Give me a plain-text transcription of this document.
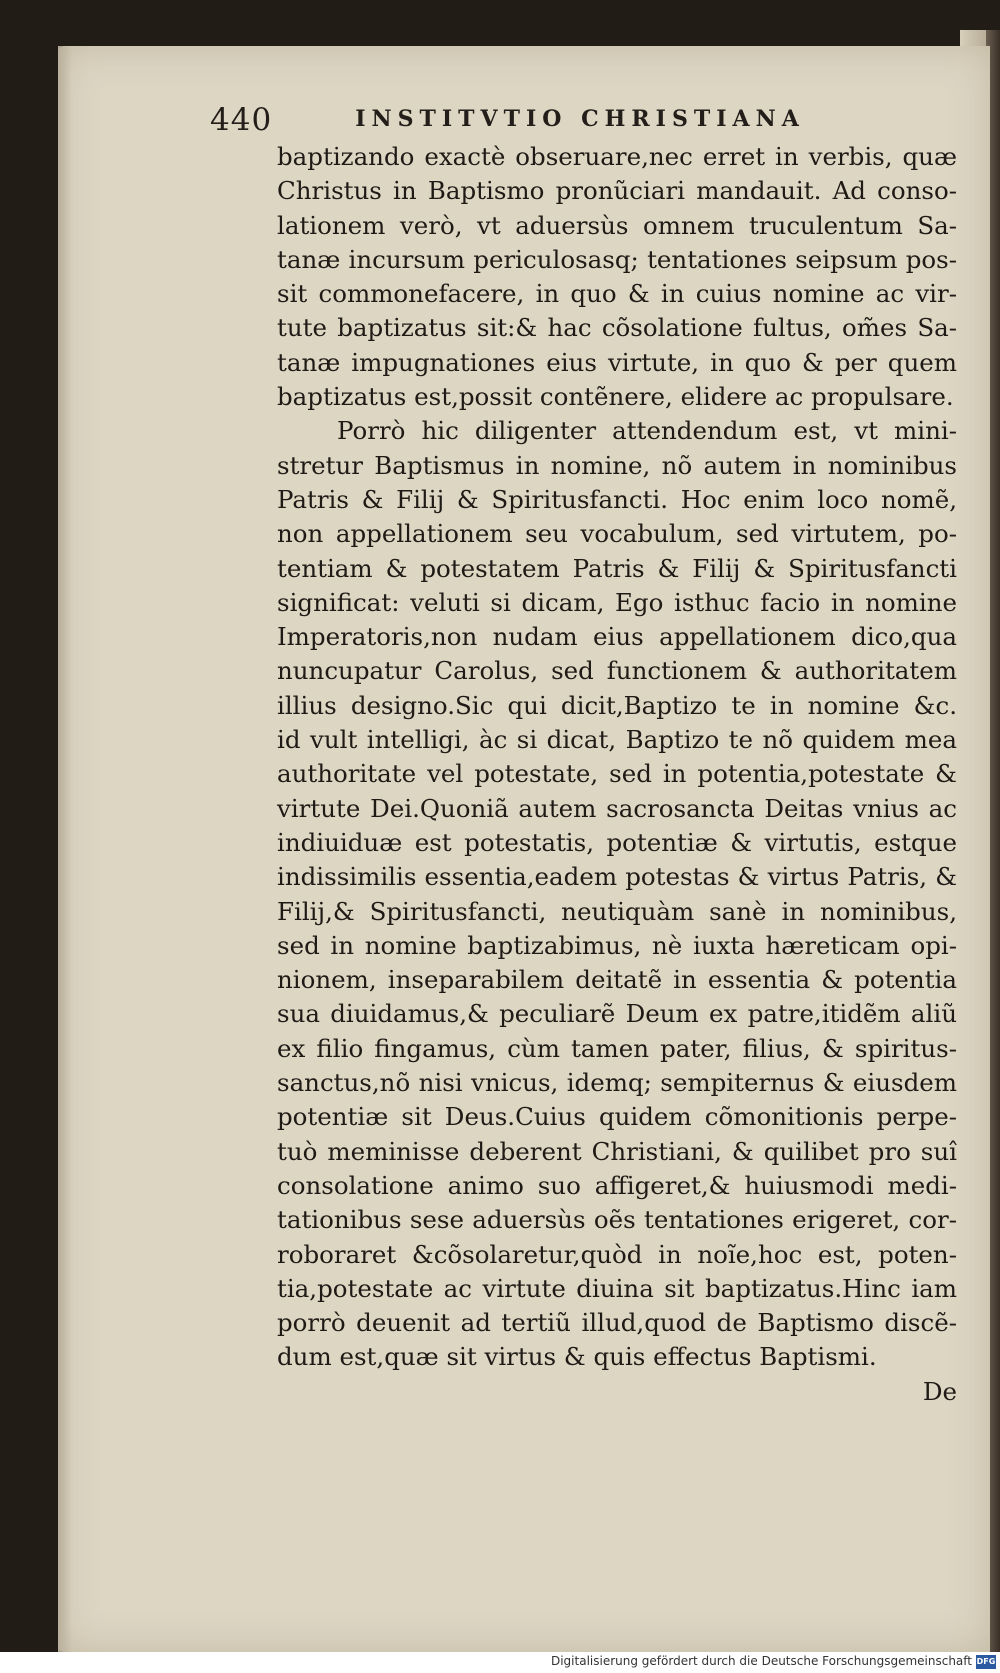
440	INSTITVTIO CHRISTIANA
baptizando exactè obseruare,nec erret in verbis, quæ
Christus in Baptismo pronũciari mandauit. Ad conso-
lationem verò, vt aduersùs omnem truculentum Sa-
tanæ incursum periculosasq; tentationes seipsum pos-
sit commonefacere, in quo & in cuius nomine ac vir-
tute baptizatus sit:& hac cõsolatione fultus, om̃es Sa-
tanæ impugnationes eius virtute, in quo & per quem
baptizatus est,possit contẽnere, elidere ac propulsare.
Porrò hic diligenter attendendum est, vt mini-
stretur Baptismus in nomine, nõ autem in nominibus
Patris & Filij & Spiritusfancti. Hoc enim loco nomẽ,
non appellationem seu vocabulum, sed virtutem, po-
tentiam & potestatem Patris & Filij & Spiritusfancti
significat: veluti si dicam, Ego isthuc facio in nomine
Imperatoris,non nudam eius appellationem dico,qua
nuncupatur Carolus, sed functionem & authoritatem
illius designo.Sic qui dicit,Baptizo te in nomine &c.
id vult intelligi, àc si dicat, Baptizo te nõ quidem mea
authoritate vel potestate, sed in potentia,potestate &
virtute Dei.Quoniã autem sacrosancta Deitas vnius ac
indiuiduæ est potestatis, potentiæ & virtutis, estque
indissimilis essentia,eadem potestas & virtus Patris, &
Filij,& Spiritusfancti, neutiquàm sanè in nominibus,
sed in nomine baptizabimus, nè iuxta hæreticam opi-
nionem, inseparabilem deitatẽ in essentia & potentia
sua diuidamus,& peculiarẽ Deum ex patre,itidẽm aliũ
ex filio fingamus, cùm tamen pater, filius, & spiritus-
sanctus,nõ nisi vnicus, idemq; sempiternus & eiusdem
potentiæ sit Deus.Cuius quidem cõmonitionis perpe-
tuò meminisse deberent Christiani, & quilibet pro suî
consolatione animo suo affigeret,& huiusmodi medi-
tationibus sese aduersùs oẽs tentationes erigeret, cor-
roboraret &cõsolaretur,quòd in noĩe,hoc est, poten-
tia,potestate ac virtute diuina sit baptizatus.Hinc iam
porrò deuenit ad tertiũ illud,quod de Baptismo discẽ-
dum est,quæ sit virtus & quis effectus Baptismi.
De
Digitalisierung gefördert durch die Deutsche Forschungsgemeinschaft DFG
